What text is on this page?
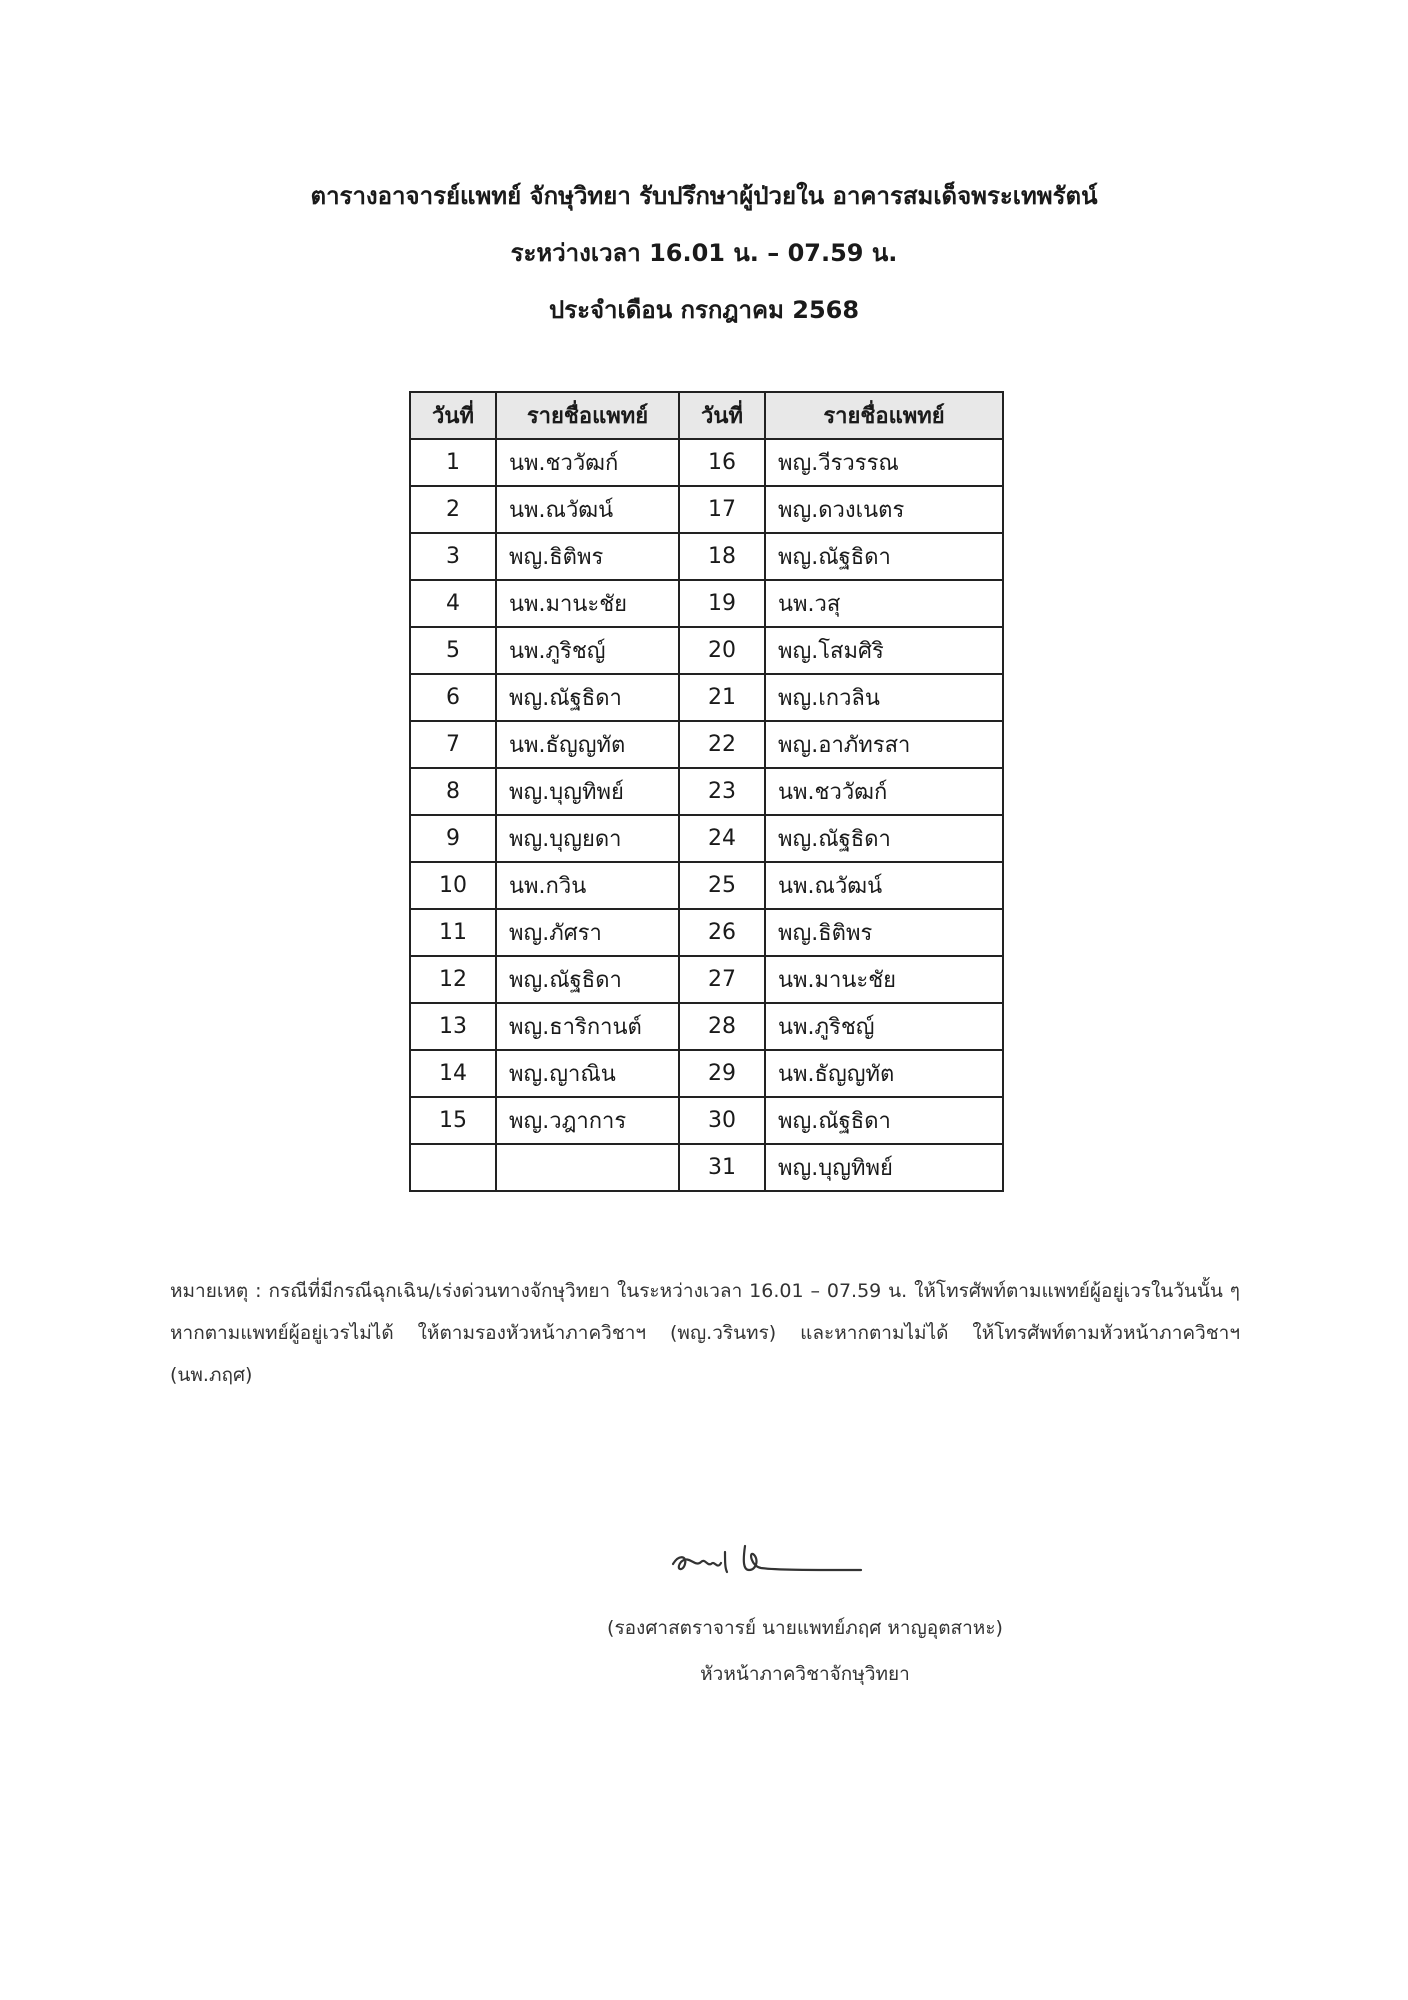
ตารางอาจารย์แพทย์ จักษุวิทยา รับปรึกษาผู้ป่วยใน อาคารสมเด็จพระเทพรัตน์
ระหว่างเวลา 16.01 น. – 07.59 น.
ประจำเดือน กรกฎาคม 2568
วันที่	รายชื่อแพทย์	วันที่	รายชื่อแพทย์
1	นพ.ชววัฒก์	16	พญ.วีรวรรณ
2	นพ.ณวัฒน์	17	พญ.ดวงเนตร
3	พญ.ธิติพร	18	พญ.ณัฐธิดา
4	นพ.มานะชัย	19	นพ.วสุ
5	นพ.ภูริชญ์	20	พญ.โสมศิริ
6	พญ.ณัฐธิดา	21	พญ.เกวลิน
7	นพ.ธัญญทัต	22	พญ.อาภัทรสา
8	พญ.บุญทิพย์	23	นพ.ชววัฒก์
9	พญ.บุญยดา	24	พญ.ณัฐธิดา
10	นพ.กวิน	25	นพ.ณวัฒน์
11	พญ.ภัศรา	26	พญ.ธิติพร
12	พญ.ณัฐธิดา	27	นพ.มานะชัย
13	พญ.ธาริกานต์	28	นพ.ภูริชญ์
14	พญ.ญาณิน	29	นพ.ธัญญทัต
15	พญ.วฎาการ	30	พญ.ณัฐธิดา
		31	พญ.บุญทิพย์
หมายเหตุ : กรณีที่มีกรณีฉุกเฉิน/เร่งด่วนทางจักษุวิทยา ในระหว่างเวลา 16.01 – 07.59 น. ให้โทรศัพท์ตามแพทย์ผู้อยู่เวรในวันนั้น ๆ หากตามแพทย์ผู้อยู่เวรไม่ได้ ให้ตามรองหัวหน้าภาควิชาฯ (พญ.วรินทร) และหากตามไม่ได้ ให้โทรศัพท์ตามหัวหน้าภาควิชาฯ (นพ.ภฤศ)
(รองศาสตราจารย์ นายแพทย์ภฤศ หาญอุตสาหะ)
หัวหน้าภาควิชาจักษุวิทยา
